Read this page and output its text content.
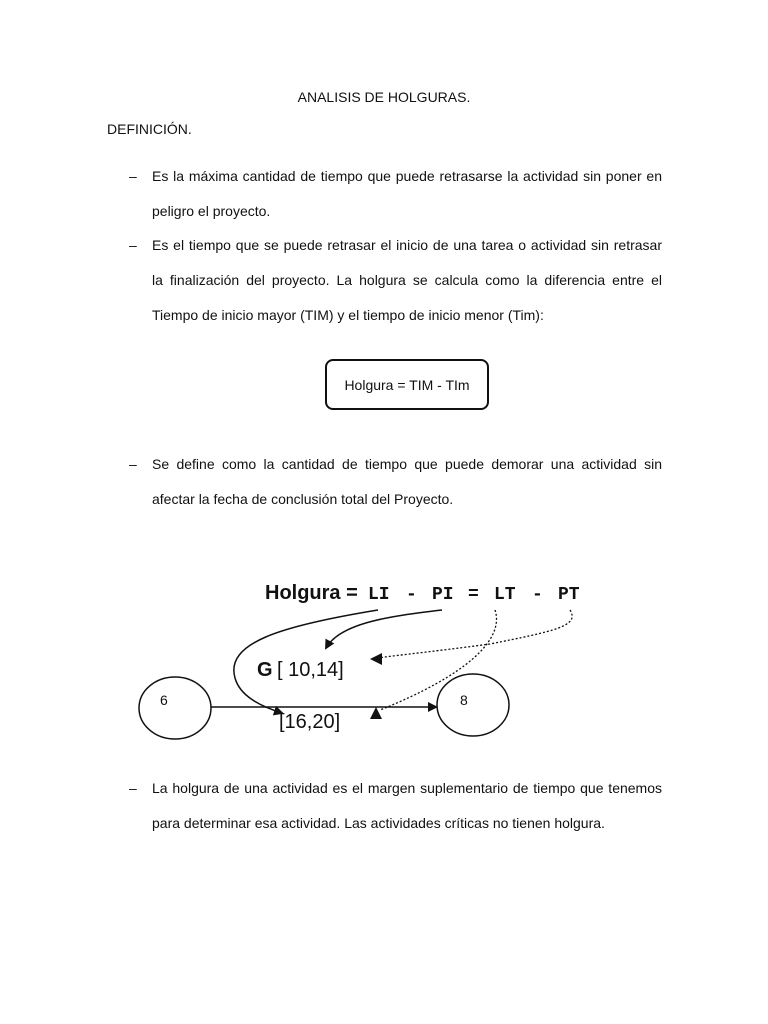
ANALISIS DE HOLGURAS.
DEFINICIÓN.
–	Es la máxima cantidad de tiempo que puede retrasarse la actividad sin poner en peligro el proyecto.
–	Es el tiempo que se puede retrasar el inicio de una tarea o actividad sin retrasar la finalización del proyecto. La holgura se calcula como la diferencia entre el Tiempo de inicio mayor (TIM) y el tiempo de inicio menor (Tim):
Holgura = TIM - TIm
–	Se define como la cantidad de tiempo que puede demorar una actividad sin afectar la fecha de conclusión total del Proyecto.
Holgura = LI - PI = LT - PT
G [ 10,14]
6	8
[16,20]
–	La holgura de una actividad es el margen suplementario de tiempo que tenemos para determinar esa actividad. Las actividades críticas no tienen holgura.
